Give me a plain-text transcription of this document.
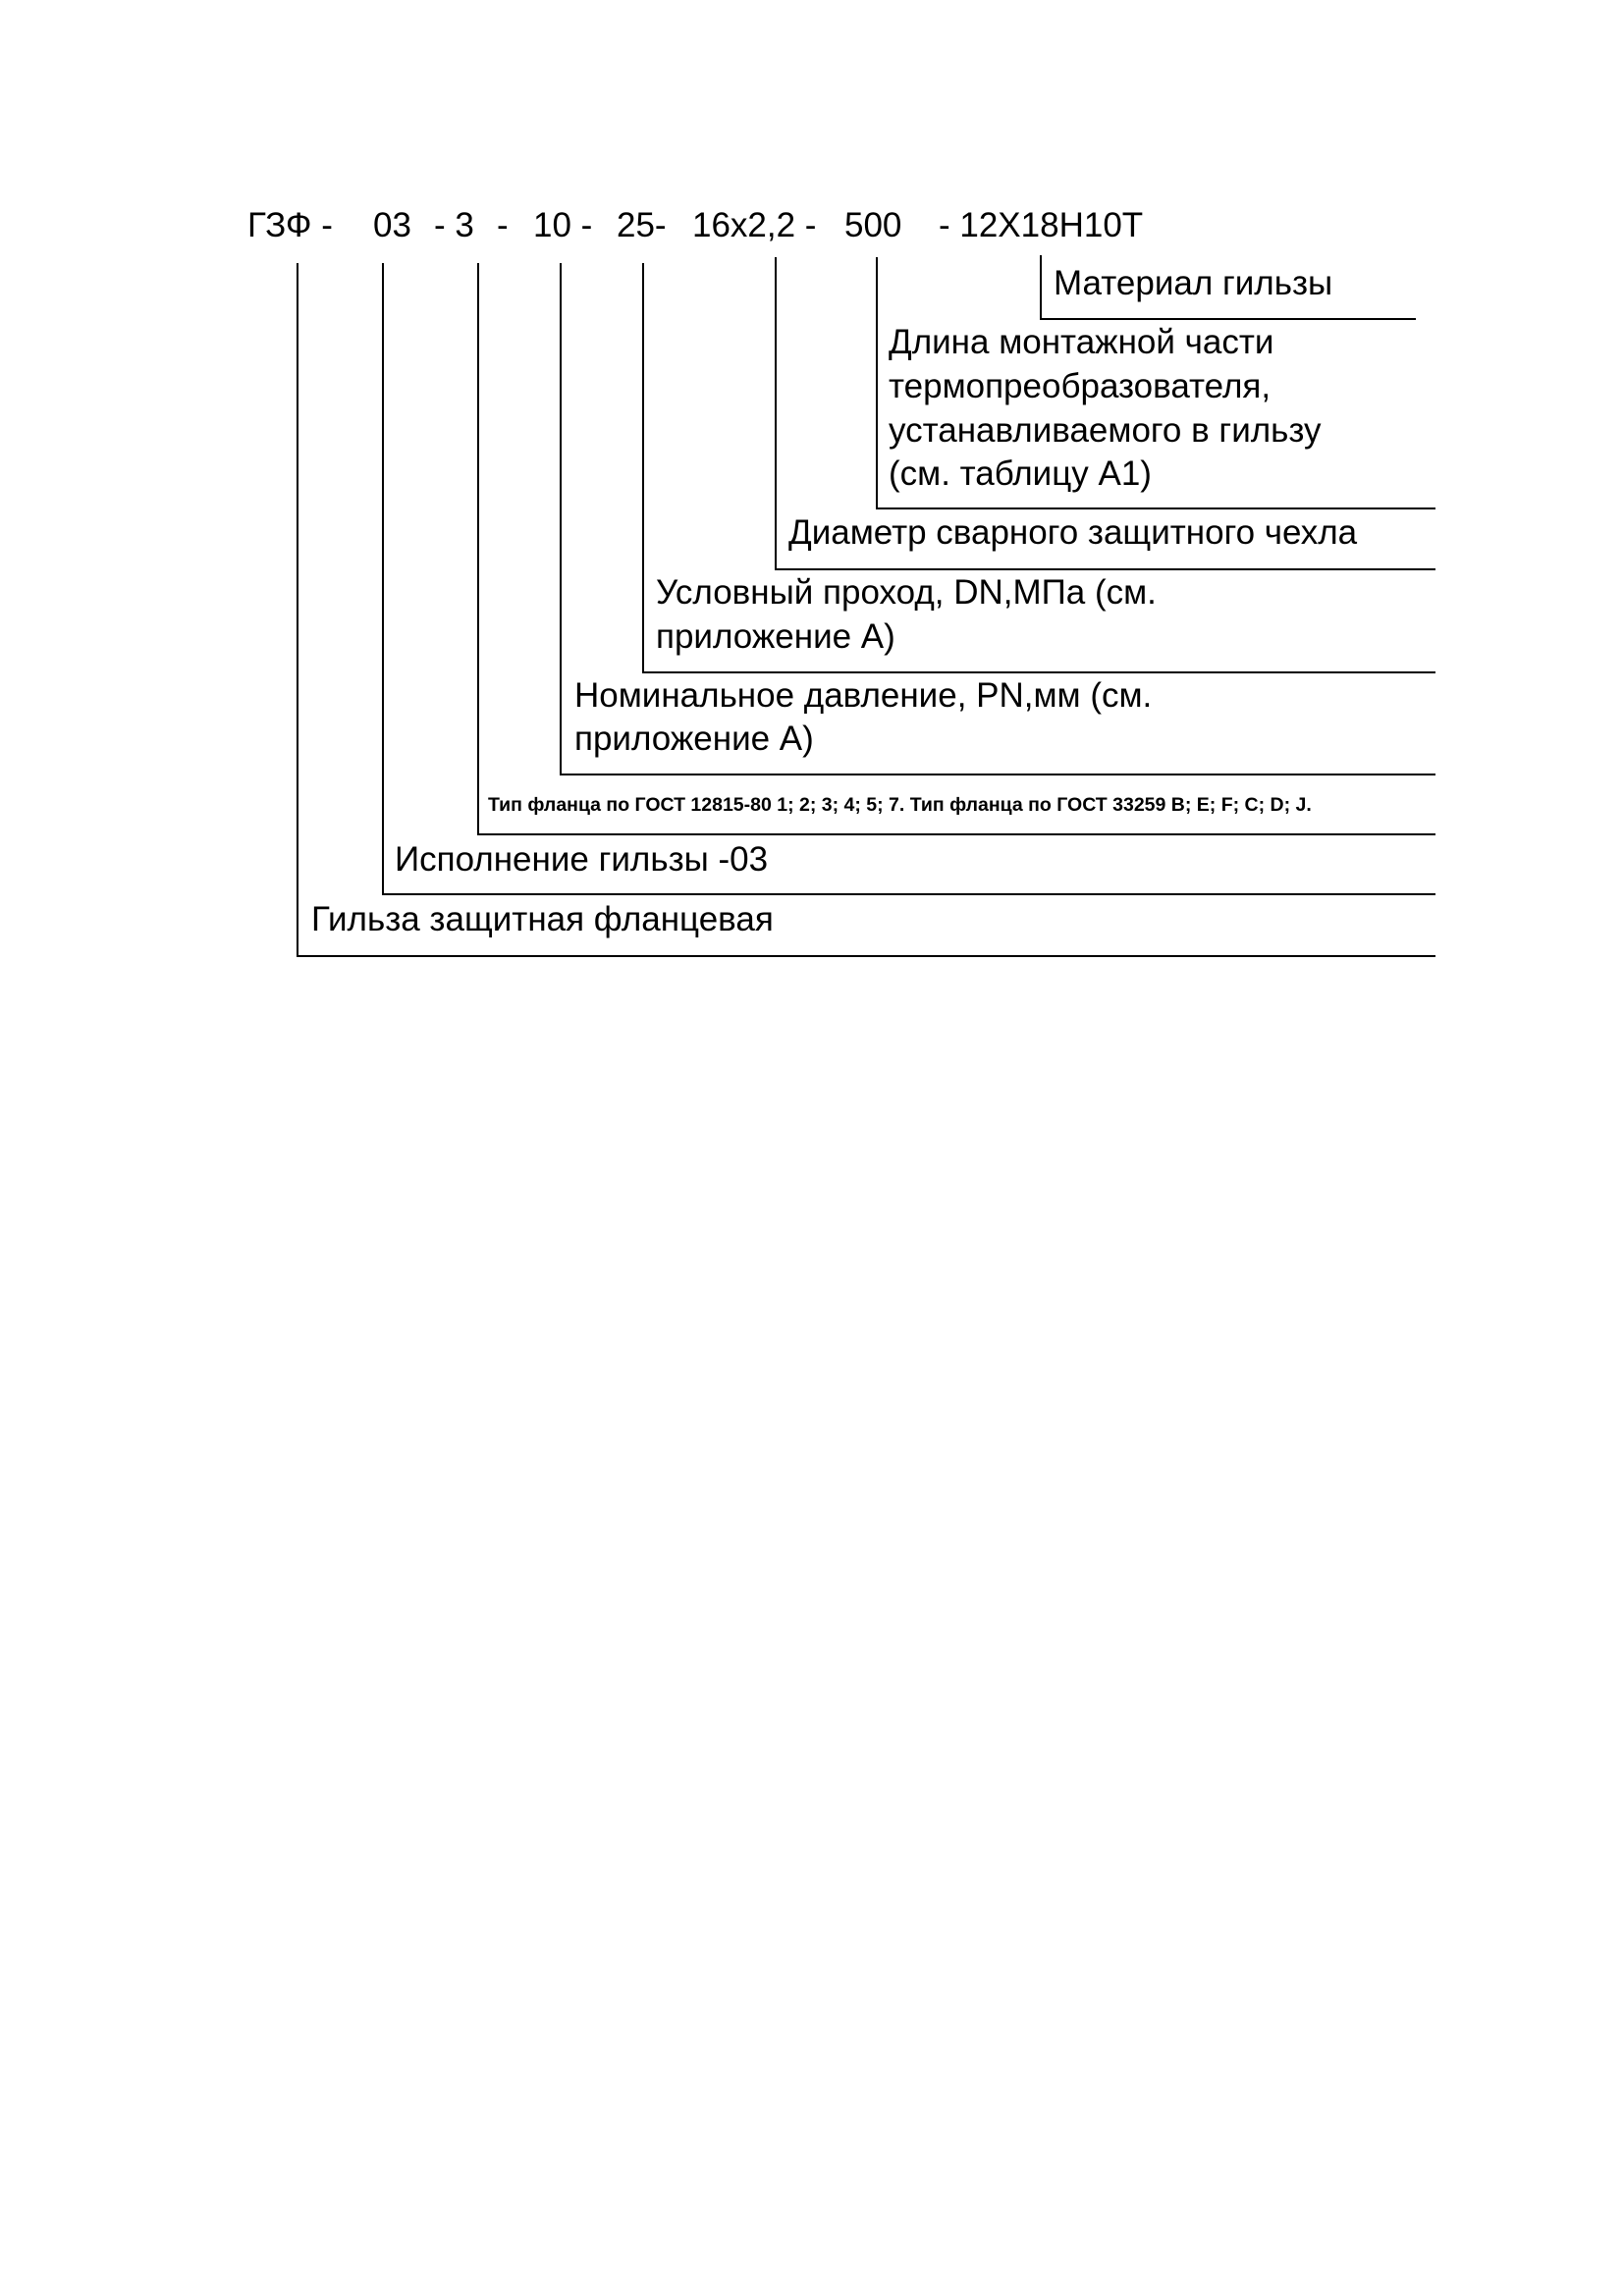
ГЗФ - 03 - 3 - 10 - 25- 16х2,2 - 500 - 12Х18Н10Т
Материал гильзы
Длина монтажной части
термопреобразователя,
устанавливаемого в гильзу
(см. таблицу А1)
Диаметр сварного защитного чехла
Условный проход, DN,МПа (см.
приложение А)
Номинальное давление, PN,мм (см.
приложение А)
Тип фланца по ГОСТ 12815-80 1; 2; 3; 4; 5; 7. Тип фланца по ГОСТ 33259 B; E; F; C; D; J.
Исполнение гильзы -03
Гильза защитная фланцевая
